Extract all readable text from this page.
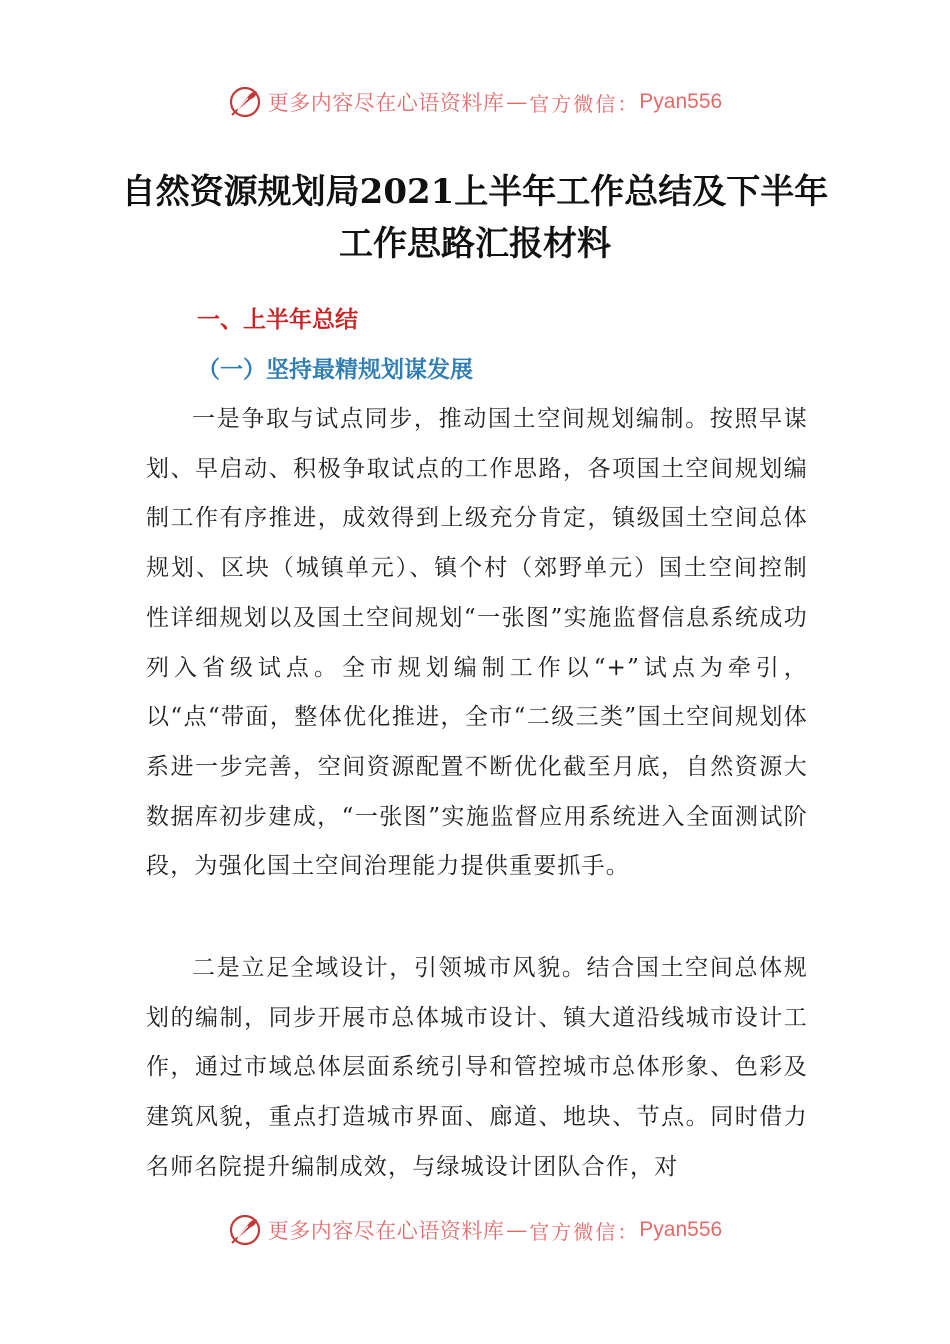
更多内容尽在心语资料库 — 官方微信： Pyan556
自然资源规划局2021上半年工作总结及下半年工作思路汇报材料
一、上半年总结
（一）坚持最精规划谋发展

一是争取与试点同步，推动国土空间规划编制。按照早谋划、早启动、积极争取试点的工作思路，各项国土空间规划编制工作有序推进，成效得到上级充分肯定，镇级国土空间总体规划、区块（城镇单元）、镇个村（郊野单元）国土空间控制性详细规划以及国土空间规划“一张图”实施监督信息系统成功列入省级试点。全市规划编制工作以“+”试点为牵引，以“点“带面，整体优化推进，全市“二级三类”国土空间规划体系进一步完善，空间资源配置不断优化截至月底，自然资源大数据库初步建成，“一张图”实施监督应用系统进入全面测试阶段，为强化国土空间治理能力提供重要抓手。

二是立足全域设计，引领城市风貌。结合国土空间总体规划的编制，同步开展市总体城市设计、镇大道沿线城市设计工作，通过市域总体层面系统引导和管控城市总体形象、色彩及建筑风貌，重点打造城市界面、廊道、地块、节点。同时借力名师名院提升编制成效，与绿城设计团队合作，对

更多内容尽在心语资料库 — 官方微信： Pyan556
